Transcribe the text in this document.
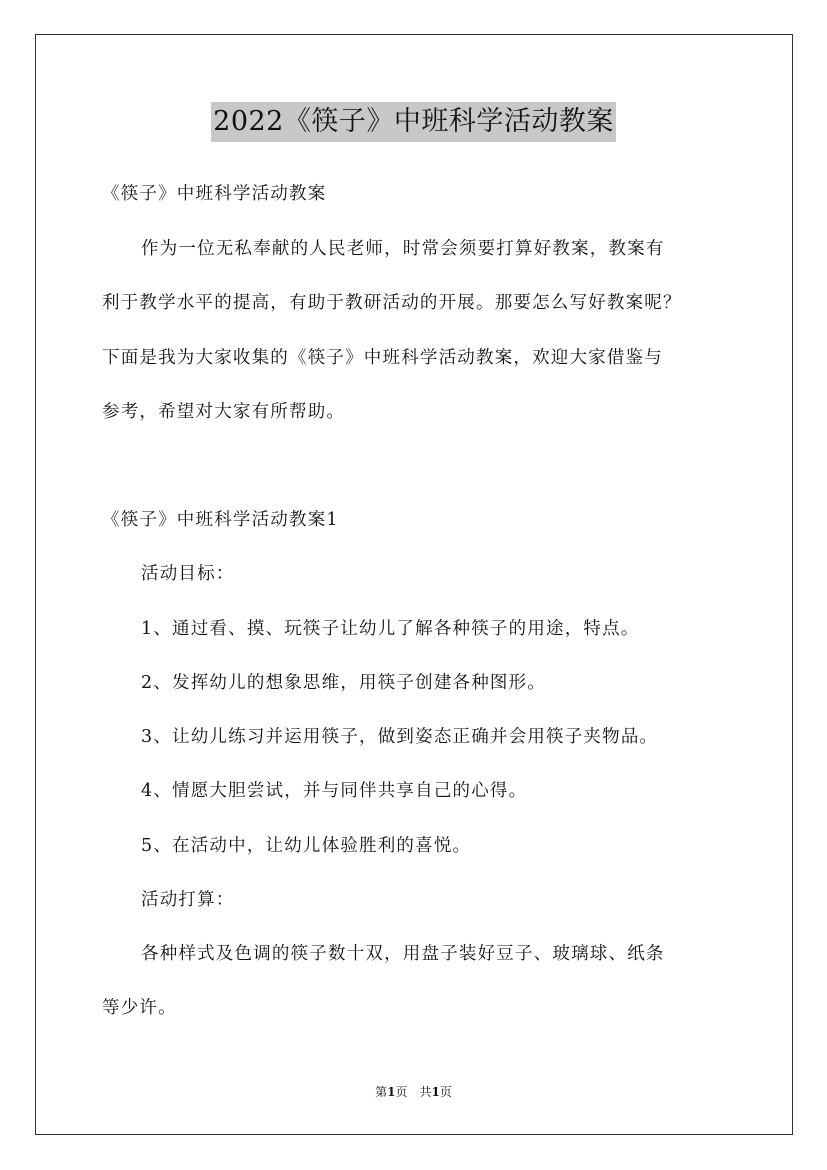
2022《筷子》中班科学活动教案
《筷子》中班科学活动教案
作为一位无私奉献的人民老师，时常会须要打算好教案，教案有
利于教学水平的提高，有助于教研活动的开展。那要怎么写好教案呢？
下面是我为大家收集的《筷子》中班科学活动教案，欢迎大家借鉴与
参考，希望对大家有所帮助。
《筷子》中班科学活动教案1
活动目标：
1、通过看、摸、玩筷子让幼儿了解各种筷子的用途，特点。
2、发挥幼儿的想象思维，用筷子创建各种图形。
3、让幼儿练习并运用筷子，做到姿态正确并会用筷子夹物品。
4、情愿大胆尝试，并与同伴共享自己的心得。
5、在活动中，让幼儿体验胜利的喜悦。
活动打算：
各种样式及色调的筷子数十双，用盘子装好豆子、玻璃球、纸条
等少许。
第1页 共1页
